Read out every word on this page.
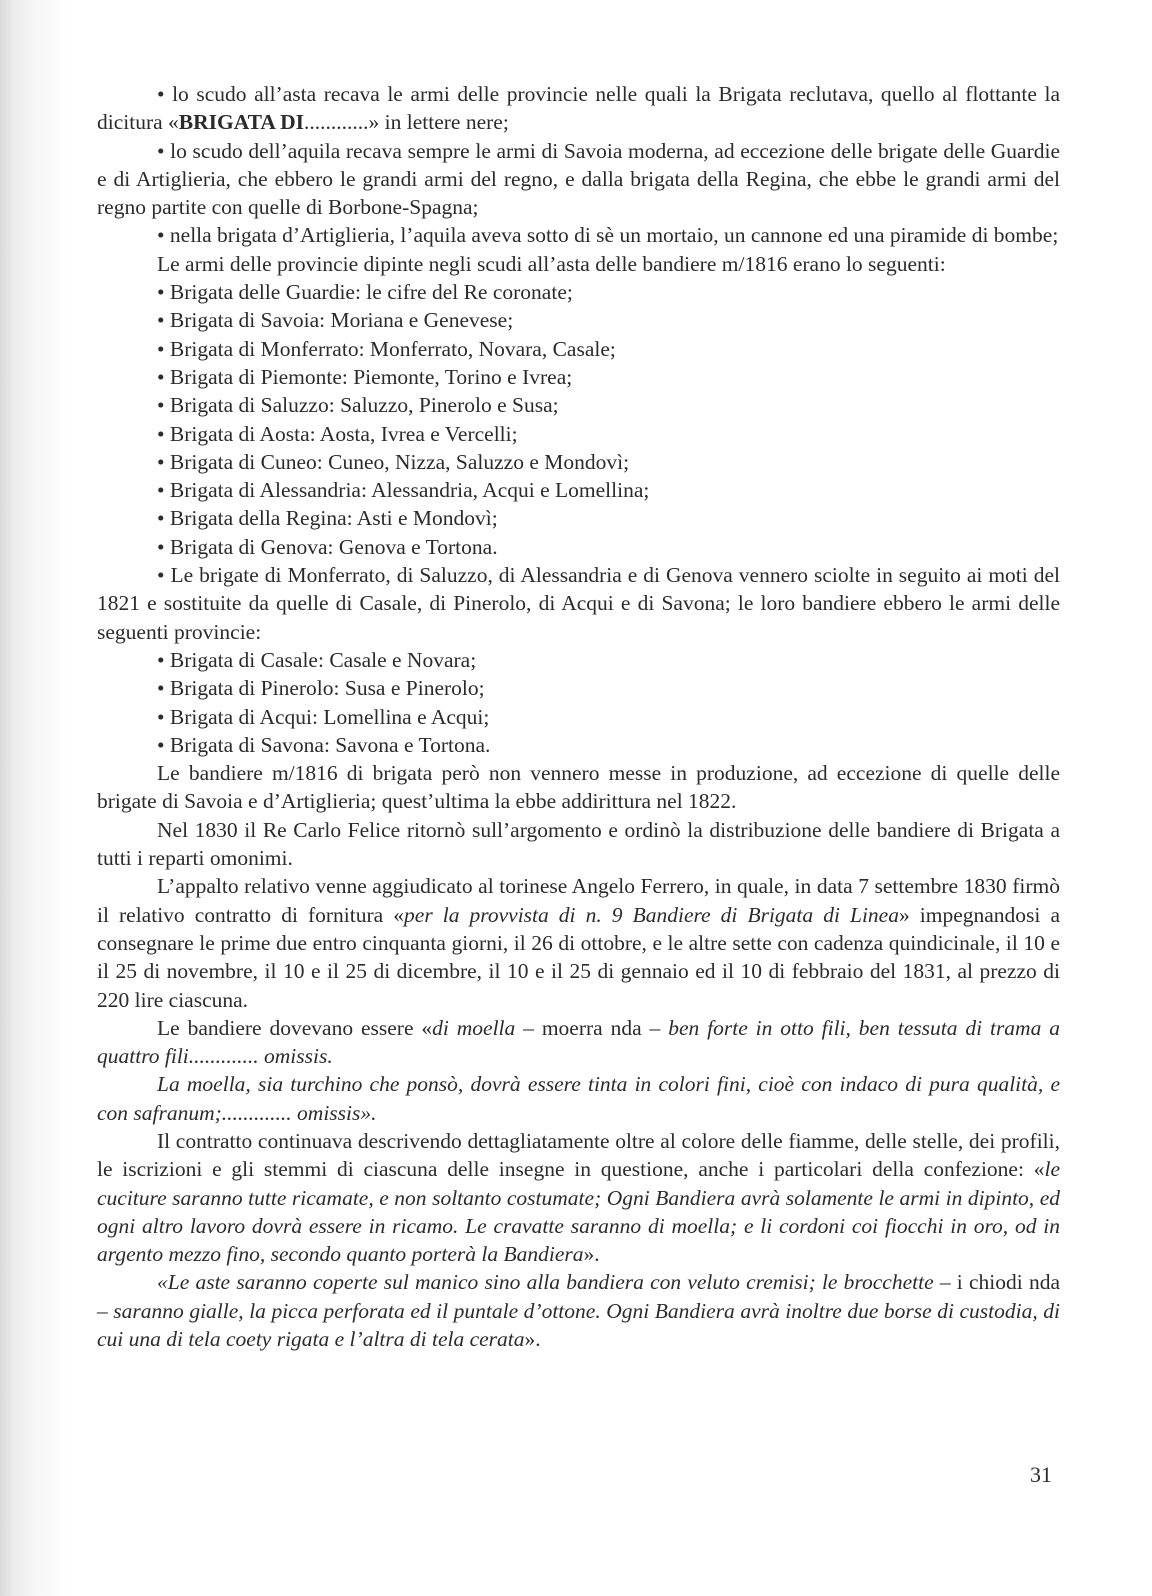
• lo scudo all’asta recava le armi delle provincie nelle quali la Brigata reclutava, quello al flottante la dicitura «BRIGATA DI............» in lettere nere;

• lo scudo dell’aquila recava sempre le armi di Savoia moderna, ad eccezione delle brigate delle Guardie e di Artiglieria, che ebbero le grandi armi del regno, e dalla brigata della Regina, che ebbe le grandi armi del regno partite con quelle di Borbone-Spagna;

• nella brigata d’Artiglieria, l’aquila aveva sotto di sè un mortaio, un cannone ed una piramide di bombe;

Le armi delle provincie dipinte negli scudi all’asta delle bandiere m/1816 erano lo seguenti:

• Brigata delle Guardie: le cifre del Re coronate;

• Brigata di Savoia: Moriana e Genevese;

• Brigata di Monferrato: Monferrato, Novara, Casale;

• Brigata di Piemonte: Piemonte, Torino e Ivrea;

• Brigata di Saluzzo: Saluzzo, Pinerolo e Susa;

• Brigata di Aosta: Aosta, Ivrea e Vercelli;

• Brigata di Cuneo: Cuneo, Nizza, Saluzzo e Mondovì;

• Brigata di Alessandria: Alessandria, Acqui e Lomellina;

• Brigata della Regina: Asti e Mondovì;

• Brigata di Genova: Genova e Tortona.

• Le brigate di Monferrato, di Saluzzo, di Alessandria e di Genova vennero sciolte in seguito ai moti del 1821 e sostituite da quelle di Casale, di Pinerolo, di Acqui e di Savona; le loro bandiere ebbero le armi delle seguenti provincie:

• Brigata di Casale: Casale e Novara;

• Brigata di Pinerolo: Susa e Pinerolo;

• Brigata di Acqui: Lomellina e Acqui;

• Brigata di Savona: Savona e Tortona.

Le bandiere m/1816 di brigata però non vennero messe in produzione, ad eccezione di quelle delle brigate di Savoia e d’Artiglieria; quest’ultima la ebbe addirittura nel 1822.

Nel 1830 il Re Carlo Felice ritornò sull’argomento e ordinò la distribuzione delle bandiere di Brigata a tutti i reparti omonimi.

L’appalto relativo venne aggiudicato al torinese Angelo Ferrero, in quale, in data 7 settembre 1830 firmò il relativo contratto di fornitura «per la provvista di n. 9 Bandiere di Brigata di Linea» impegnandosi a consegnare le prime due entro cinquanta giorni, il 26 di ottobre, e le altre sette con cadenza quindicinale, il 10 e il 25 di novembre, il 10 e il 25 di dicembre, il 10 e il 25 di gennaio ed il 10 di febbraio del 1831, al prezzo di 220 lire ciascuna.

Le bandiere dovevano essere «di moella – moerra nda – ben forte in otto fili, ben tessuta di trama a quattro fili............. omissis.

La moella, sia turchino che ponsò, dovrà essere tinta in colori fini, cioè con indaco di pura qualità, e con safranum;............. omissis».

Il contratto continuava descrivendo dettagliatamente oltre al colore delle fiamme, delle stelle, dei profili, le iscrizioni e gli stemmi di ciascuna delle insegne in questione, anche i particolari della confezione: «le cuciture saranno tutte ricamate, e non soltanto costumate; Ogni Bandiera avrà solamente le armi in dipinto, ed ogni altro lavoro dovrà essere in ricamo. Le cravatte saranno di moella; e li cordoni coi fiocchi in oro, od in argento mezzo fino, secondo quanto porterà la Bandiera».

«Le aste saranno coperte sul manico sino alla bandiera con veluto cremisi; le brocchette – i chiodi nda – saranno gialle, la picca perforata ed il puntale d’ottone. Ogni Bandiera avrà inoltre due borse di custodia, di cui una di tela coety rigata e l’altra di tela cerata».

31
